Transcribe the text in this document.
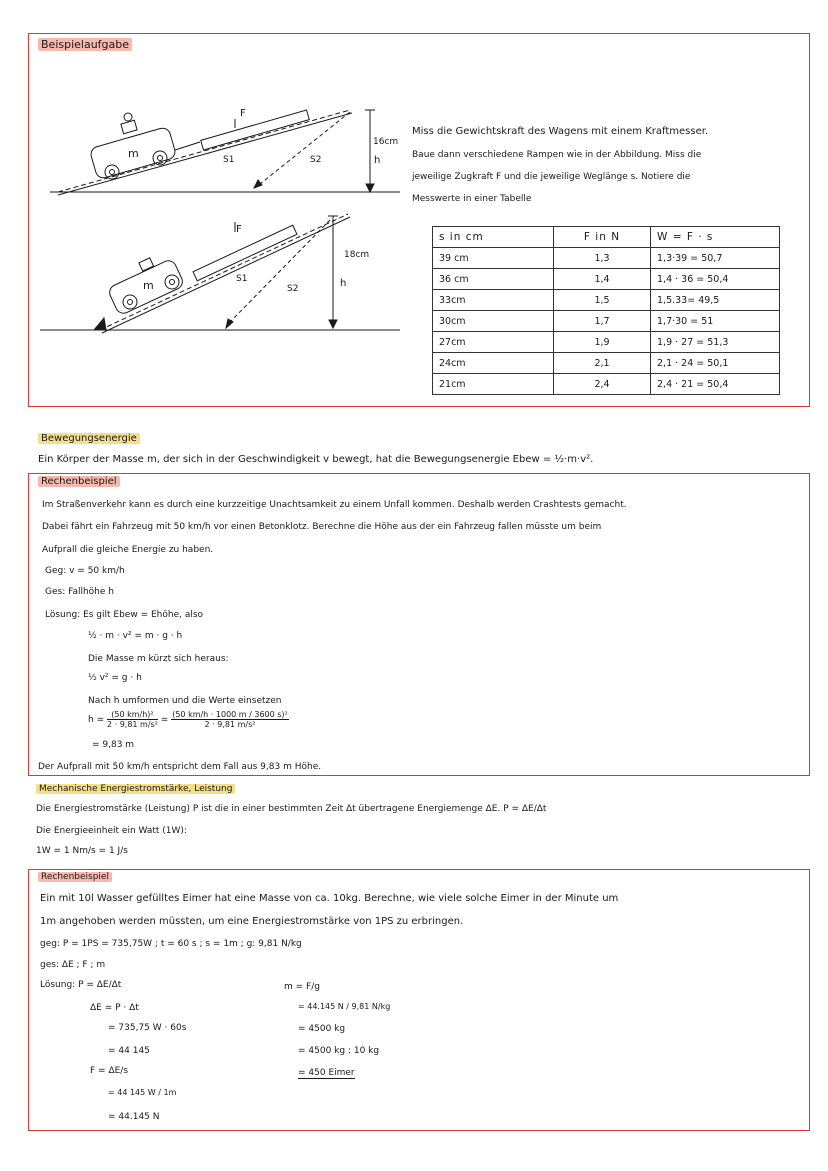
Beispielaufgabe
F
m	S1	S2
16cm
h
F
m	S1
S2
18cm
h
Miss die Gewichtskraft des Wagens mit einem Kraftmesser.
Baue dann verschiedene Rampen wie in der Abbildung. Miss die
jeweilige Zugkraft F und die jeweilige Weglänge s. Notiere die
Messwerte in einer Tabelle
s in cm	F in N	W = F · s
39 cm	1,3	1,3·39 = 50,7
36 cm	1,4	1,4 · 36 = 50,4
33cm	1,5	1,5.33= 49,5
30cm	1,7	1,7·30 = 51
27cm	1,9	1,9 · 27 = 51,3
24cm	2,1	2,1 · 24 = 50,1
21cm	2,4	2,4 · 21 = 50,4
Bewegungsenergie
Ein Körper der Masse m, der sich in der Geschwindigkeit v bewegt, hat die Bewegungsenergie Ebew = ½·m·v².
Rechenbeispiel
Im Straßenverkehr kann es durch eine kurzzeitige Unachtsamkeit zu einem Unfall kommen. Deshalb werden Crashtests gemacht.
Dabei fährt ein Fahrzeug mit 50 km/h vor einen Betonklotz. Berechne die Höhe aus der ein Fahrzeug fallen müsste um beim
Aufprall die gleiche Energie zu haben.
Geg: v = 50 km/h
Ges: Fallhöhe h
Lösung: Es gilt Ebew = Ehöhe, also
½ · m · v² = m · g · h
Die Masse m kürzt sich heraus:
½ v² = g · h
Nach h umformen und die Werte einsetzen
$h = \frac{\text{(50 km/h)²}}{\text{2 · 9,81 m/s²}} = \frac{\text{(50 km/h · 1000 m / 3600 s)²}}{\text{2 · 9,81 m/s²}}$
= 9,83 m
Der Aufprall mit 50 km/h entspricht dem Fall aus 9,83 m Höhe.
Mechanische Energiestromstärke, Leistung
Die Energiestromstärke (Leistung) P ist die in einer bestimmten Zeit Δt übertragene Energiemenge ΔE. P = ΔE/Δt
Die Energieeinheit ein Watt (1W):
1W = 1 Nm/s = 1 J/s
Rechenbeispiel
Ein mit 10l Wasser gefülltes Eimer hat eine Masse von ca. 10kg. Berechne, wie viele solche Eimer in der Minute um
1m angehoben werden müssten, um eine Energiestromstärke von 1PS zu erbringen.
geg: P = 1PS = 735,75W ; t = 60 s ; s = 1m ; g: 9,81 N/kg
ges: ΔE ; F ; m
Lösung: P = ΔE/Δt
ΔE = P · Δt
= 735,75 W · 60s
= 44 145
F = ΔE/s
= 44 145 W / 1m
= 44.145 N
m = F/g
= 44.145 N / 9,81 N/kg
= 4500 kg
= 4500 kg : 10 kg
= 450 Eimer
